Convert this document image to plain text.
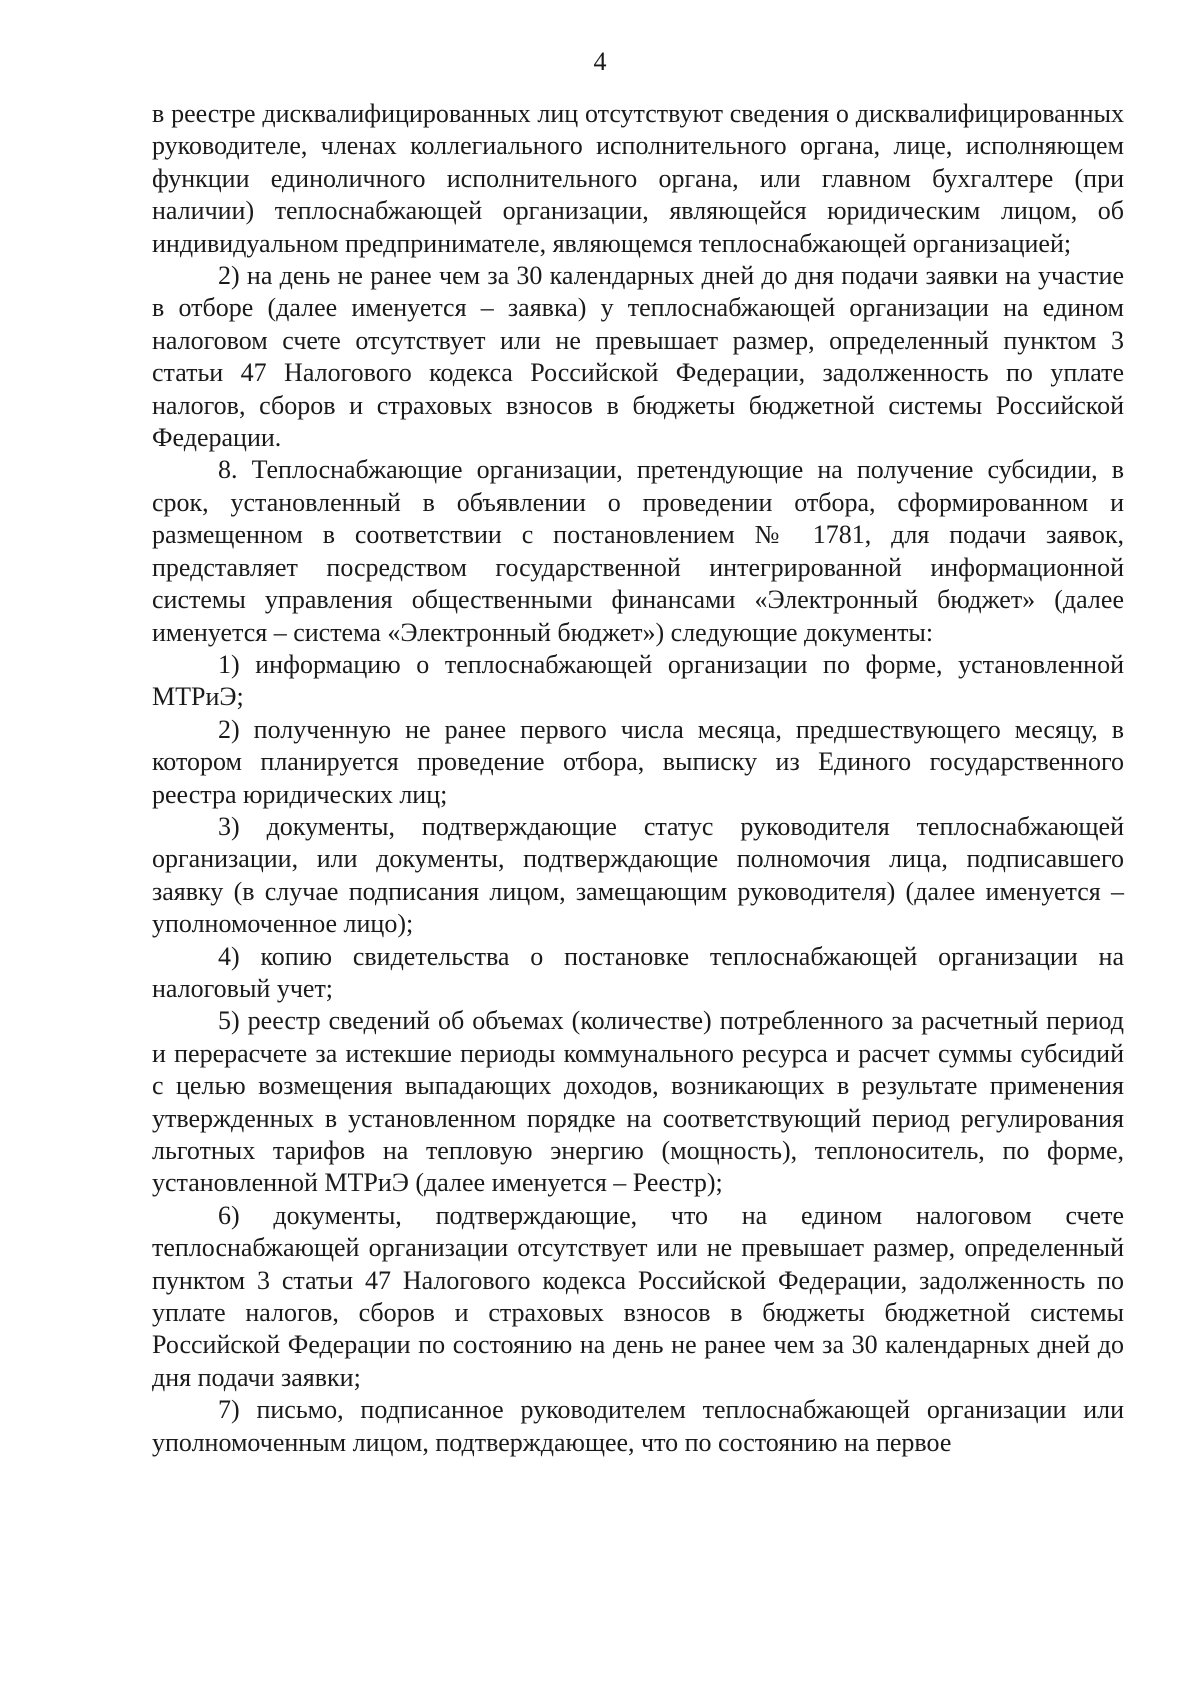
4

в реестре дисквалифицированных лиц отсутствуют сведения о дисквалифицированных руководителе, членах коллегиального исполнительного органа, лице, исполняющем функции единоличного исполнительного органа, или главном бухгалтере (при наличии) теплоснабжающей организации, являющейся юридическим лицом, об индивидуальном предпринимателе, являющемся теплоснабжающей организацией;

2) на день не ранее чем за 30 календарных дней до дня подачи заявки на участие в отборе (далее именуется – заявка) у теплоснабжающей организации на едином налоговом счете отсутствует или не превышает размер, определенный пунктом 3 статьи 47 Налогового кодекса Российской Федерации, задолженность по уплате налогов, сборов и страховых взносов в бюджеты бюджетной системы Российской Федерации.

8. Теплоснабжающие организации, претендующие на получение субсидии, в срок, установленный в объявлении о проведении отбора, сформированном и размещенном в соответствии с постановлением № 1781, для подачи заявок, представляет посредством государственной интегрированной информационной системы управления общественными финансами «Электронный бюджет» (далее именуется – система «Электронный бюджет») следующие документы:

1) информацию о теплоснабжающей организации по форме, установленной МТРиЭ;

2) полученную не ранее первого числа месяца, предшествующего месяцу, в котором планируется проведение отбора, выписку из Единого государственного реестра юридических лиц;

3) документы, подтверждающие статус руководителя теплоснабжающей организации, или документы, подтверждающие полномочия лица, подписавшего заявку (в случае подписания лицом, замещающим руководителя) (далее именуется – уполномоченное лицо);

4) копию свидетельства о постановке теплоснабжающей организации на налоговый учет;

5) реестр сведений об объемах (количестве) потребленного за расчетный период и перерасчете за истекшие периоды коммунального ресурса и расчет суммы субсидий с целью возмещения выпадающих доходов, возникающих в результате применения утвержденных в установленном порядке на соответствующий период регулирования льготных тарифов на тепловую энергию (мощность), теплоноситель, по форме, установленной МТРиЭ (далее именуется – Реестр);

6) документы, подтверждающие, что на едином налоговом счете теплоснабжающей организации отсутствует или не превышает размер, определенный пунктом 3 статьи 47 Налогового кодекса Российской Федерации, задолженность по уплате налогов, сборов и страховых взносов в бюджеты бюджетной системы Российской Федерации по состоянию на день не ранее чем за 30 календарных дней до дня подачи заявки;

7) письмо, подписанное руководителем теплоснабжающей организации или уполномоченным лицом, подтверждающее, что по состоянию на первое
